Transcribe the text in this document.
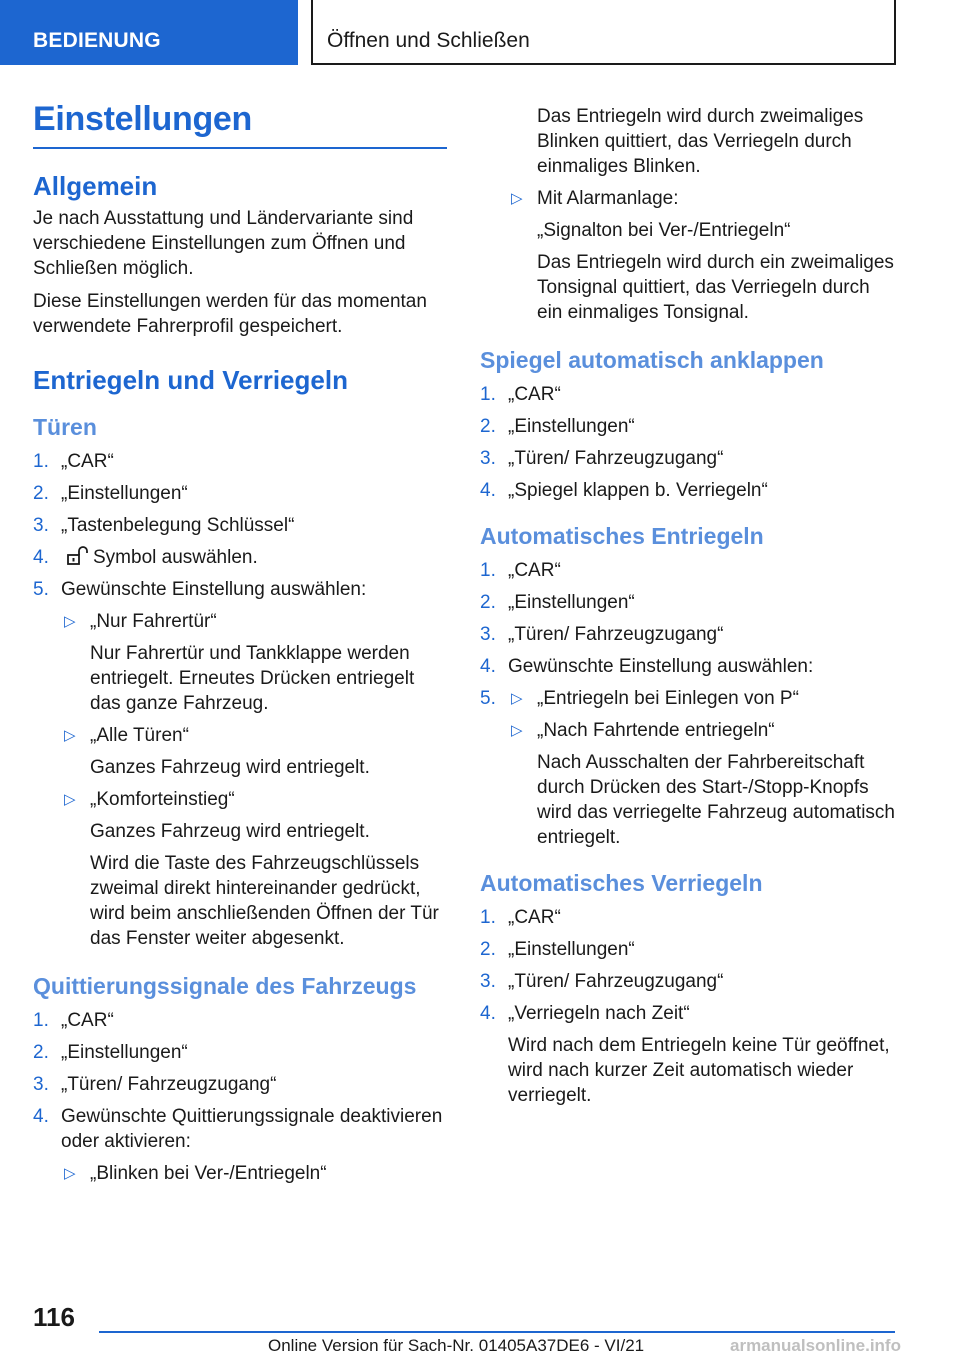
BEDIENUNG	Öffnen und Schließen
Einstellungen
Allgemein

Je nach Ausstattung und Ländervariante sind verschiedene Einstellungen zum Öffnen und Schließen möglich.

Diese Einstellungen werden für das momentan verwendete Fahrerprofil gespeichert.

Entriegeln und Verriegeln
Türen
1. „CAR“
2. „Einstellungen“
3. „Tastenbelegung Schlüssel“
4. Symbol auswählen.
5. Gewünschte Einstellung auswählen:
▷ „Nur Fahrertür“
Nur Fahrertür und Tankklappe werden entriegelt. Erneutes Drücken entriegelt das ganze Fahrzeug.
▷ „Alle Türen“
Ganzes Fahrzeug wird entriegelt.
▷ „Komforteinstieg“
Ganzes Fahrzeug wird entriegelt.
Wird die Taste des Fahrzeugschlüssels zweimal direkt hintereinander gedrückt, wird beim anschließenden Öffnen der Tür das Fenster weiter abgesenkt.
Quittierungssignale des Fahrzeugs
1. „CAR“
2. „Einstellungen“
3. „Türen/ Fahrzeugzugang“
4. Gewünschte Quittierungssignale deaktivieren oder aktivieren:
▷ „Blinken bei Ver-/Entriegeln“
Das Entriegeln wird durch zweimaliges Blinken quittiert, das Verriegeln durch einmaliges Blinken.
▷ Mit Alarmanlage:
„Signalton bei Ver-/Entriegeln“
Das Entriegeln wird durch ein zweimaliges Tonsignal quittiert, das Verriegeln durch ein einmaliges Tonsignal.
Spiegel automatisch anklappen
1. „CAR“
2. „Einstellungen“
3. „Türen/ Fahrzeugzugang“
4. „Spiegel klappen b. Verriegeln“
Automatisches Entriegeln
1. „CAR“
2. „Einstellungen“
3. „Türen/ Fahrzeugzugang“
4. Gewünschte Einstellung auswählen:
5. ▷ „Entriegeln bei Einlegen von P“
▷ „Nach Fahrtende entriegeln“
Nach Ausschalten der Fahrbereitschaft durch Drücken des Start-/Stopp-Knopfs wird das verriegelte Fahrzeug automatisch entriegelt.
Automatisches Verriegeln
1. „CAR“
2. „Einstellungen“
3. „Türen/ Fahrzeugzugang“
4. „Verriegeln nach Zeit“
Wird nach dem Entriegeln keine Tür geöffnet, wird nach kurzer Zeit automatisch wieder verriegelt.
116
Online Version für Sach-Nr. 01405A37DE6 - VI/21	armanualsonline.info
